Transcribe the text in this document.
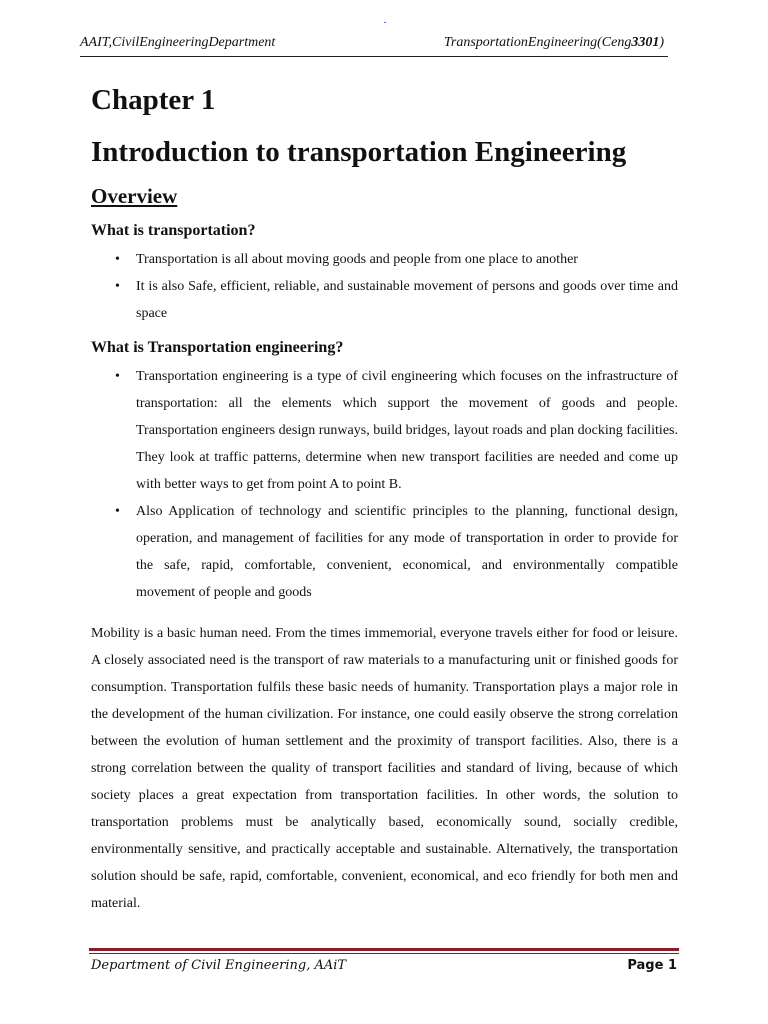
AAIT,CivilEngineeringDepartment	TransportationEngineering(Ceng3301)
Chapter 1
Introduction to transportation Engineering
Overview
What is transportation?
• Transportation is all about moving goods and people from one place to another
• It is also Safe, efficient, reliable, and sustainable movement of persons and goods over time and space
What is Transportation engineering?
• Transportation engineering is a type of civil engineering which focuses on the infrastructure of transportation: all the elements which support the movement of goods and people. Transportation engineers design runways, build bridges, layout roads and plan docking facilities. They look at traffic patterns, determine when new transport facilities are needed and come up with better ways to get from point A to point B.
• Also Application of technology and scientific principles to the planning, functional design, operation, and management of facilities for any mode of transportation in order to provide for the safe, rapid, comfortable, convenient, economical, and environmentally compatible movement of people and goods

Mobility is a basic human need. From the times immemorial, everyone travels either for food or leisure. A closely associated need is the transport of raw materials to a manufacturing unit or finished goods for consumption. Transportation fulfils these basic needs of humanity. Transportation plays a major role in the development of the human civilization. For instance, one could easily observe the strong correlation between the evolution of human settlement and the proximity of transport facilities. Also, there is a strong correlation between the quality of transport facilities and standard of living, because of which society places a great expectation from transportation facilities. In other words, the solution to transportation problems must be analytically based, economically sound, socially credible, environmentally sensitive, and practically acceptable and sustainable. Alternatively, the transportation solution should be safe, rapid, comfortable, convenient, economical, and eco friendly for both men and material.

Department of Civil Engineering, AAiT	Page 1
